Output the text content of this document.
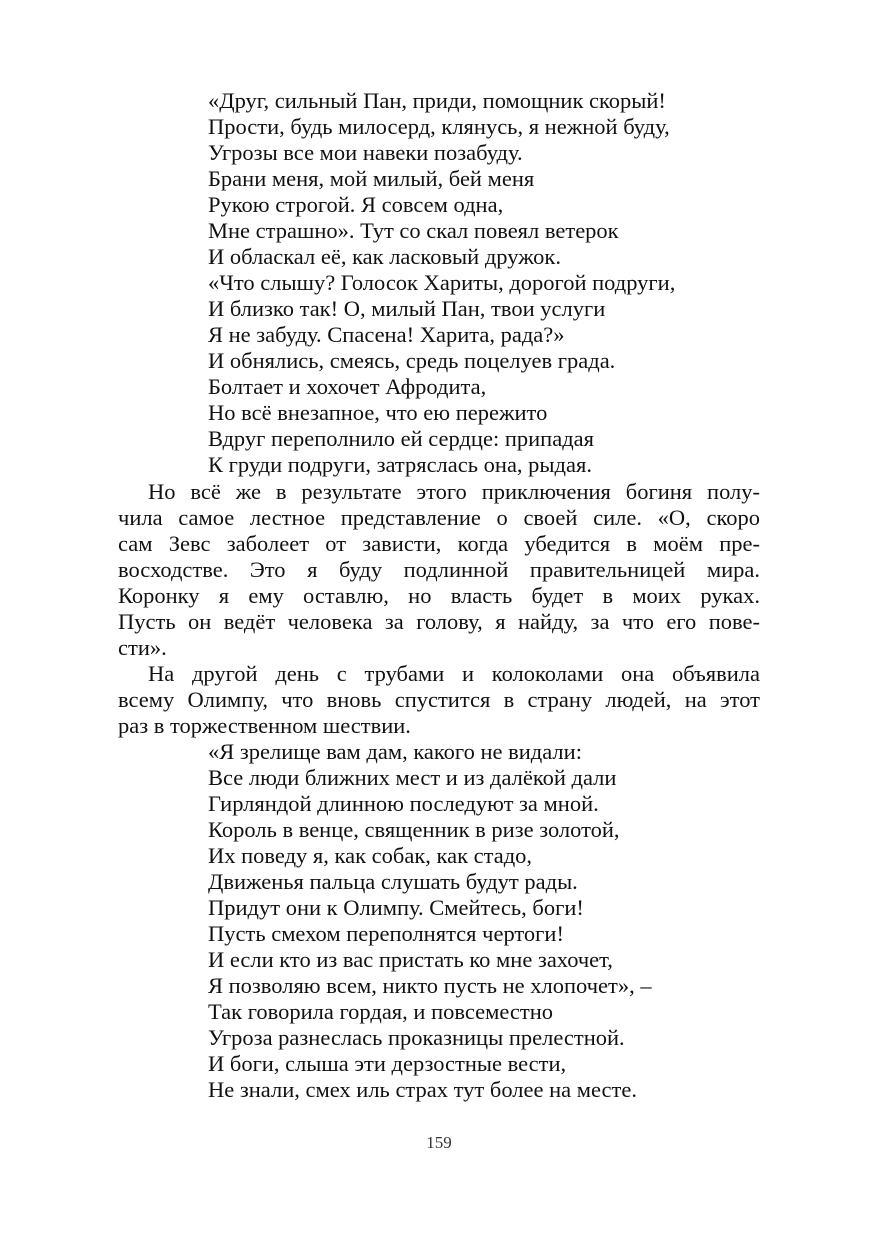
«Друг, сильный Пан, приди, помощник скорый!
Прости, будь милосерд, клянусь, я нежной буду,
Угрозы все мои навеки позабуду.
Брани меня, мой милый, бей меня
Рукою строгой. Я совсем одна,
Мне страшно». Тут со скал повеял ветерок
И обласкал её, как ласковый дружок.
«Что слышу? Голосок Хариты, дорогой подруги,
И близко так! О, милый Пан, твои услуги
Я не забуду. Спасена! Харита, рада?»
И обнялись, смеясь, средь поцелуев града.
Болтает и хохочет Афродита,
Но всё внезапное, что ею пережито
Вдруг переполнило ей сердце: припадая
К груди подруги, затряслась она, рыдая.
Но всё же в результате этого приключения богиня полу-
чила самое лестное представление о своей силе. «О, скоро
сам Зевс заболеет от зависти, когда убедится в моём пре-
восходстве. Это я буду подлинной правительницей мира.
Коронку я ему оставлю, но власть будет в моих руках.
Пусть он ведёт человека за голову, я найду, за что его пове-
сти».
На другой день с трубами и колоколами она объявила
всему Олимпу, что вновь спустится в страну людей, на этот
раз в торжественном шествии.
«Я зрелище вам дам, какого не видали:
Все люди ближних мест и из далёкой дали
Гирляндой длинною последуют за мной.
Король в венце, священник в ризе золотой,
Их поведу я, как собак, как стадо,
Движенья пальца слушать будут рады.
Придут они к Олимпу. Смейтесь, боги!
Пусть смехом переполнятся чертоги!
И если кто из вас пристать ко мне захочет,
Я позволяю всем, никто пусть не хлопочет», –
Так говорила гордая, и повсеместно
Угроза разнеслась проказницы прелестной.
И боги, слыша эти дерзостные вести,
Не знали, смех иль страх тут более на месте.
159
